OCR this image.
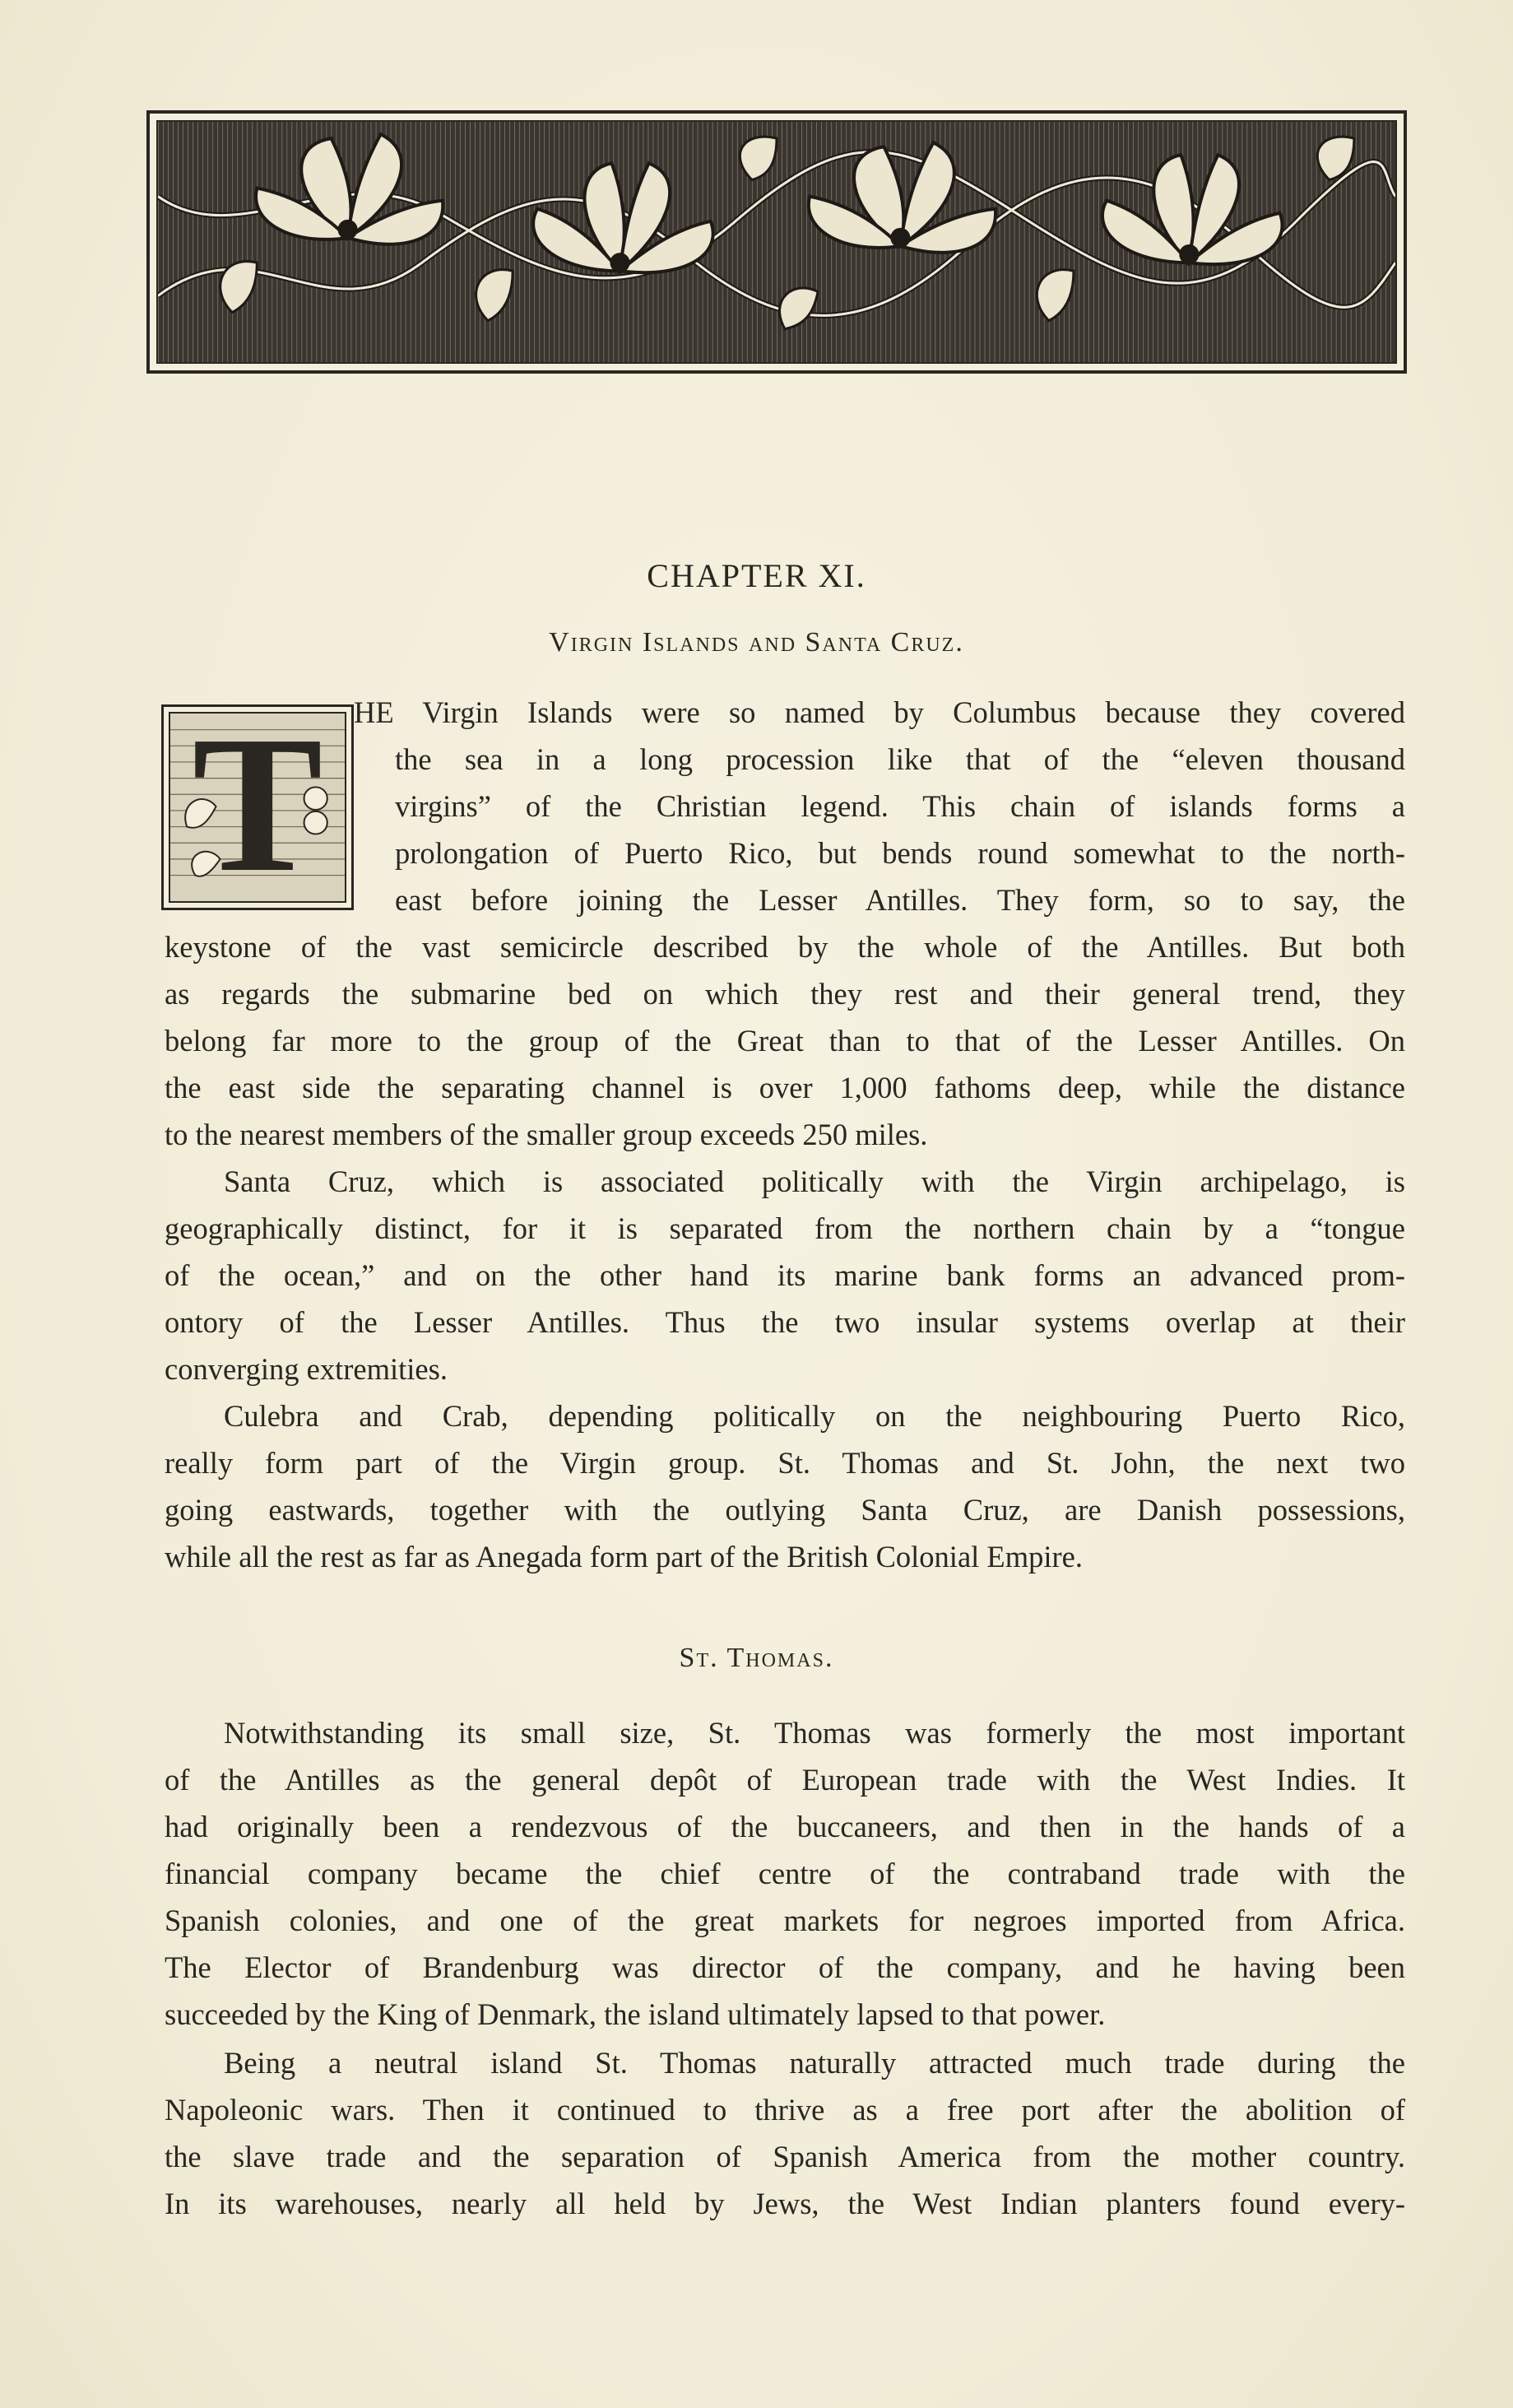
CHAPTER XI.
Virgin Islands and Santa Cruz.
T	HE Virgin Islands were so named by Columbus because they covered
the sea in a long procession like that of the “eleven thousand
virgins” of the Christian legend. This chain of islands forms a
prolongation of Puerto Rico, but bends round somewhat to the north-
east before joining the Lesser Antilles. They form, so to say, the
keystone of the vast semicircle described by the whole of the Antilles. But both
as regards the submarine bed on which they rest and their general trend, they
belong far more to the group of the Great than to that of the Lesser Antilles. On
the east side the separating channel is over 1,000 fathoms deep, while the distance
to the nearest members of the smaller group exceeds 250 miles.
Santa Cruz, which is associated politically with the Virgin archipelago, is
geographically distinct, for it is separated from the northern chain by a “tongue
of the ocean,” and on the other hand its marine bank forms an advanced prom-
ontory of the Lesser Antilles. Thus the two insular systems overlap at their
converging extremities.
Culebra and Crab, depending politically on the neighbouring Puerto Rico,
really form part of the Virgin group. St. Thomas and St. John, the next two
going eastwards, together with the outlying Santa Cruz, are Danish possessions,
while all the rest as far as Anegada form part of the British Colonial Empire.
St. Thomas.
Notwithstanding its small size, St. Thomas was formerly the most important
of the Antilles as the general depôt of European trade with the West Indies. It
had originally been a rendezvous of the buccaneers, and then in the hands of a
financial company became the chief centre of the contraband trade with the
Spanish colonies, and one of the great markets for negroes imported from Africa.
The Elector of Brandenburg was director of the company, and he having been
succeeded by the King of Denmark, the island ultimately lapsed to that power.
Being a neutral island St. Thomas naturally attracted much trade during the
Napoleonic wars. Then it continued to thrive as a free port after the abolition of
the slave trade and the separation of Spanish America from the mother country.
In its warehouses, nearly all held by Jews, the West Indian planters found every-
